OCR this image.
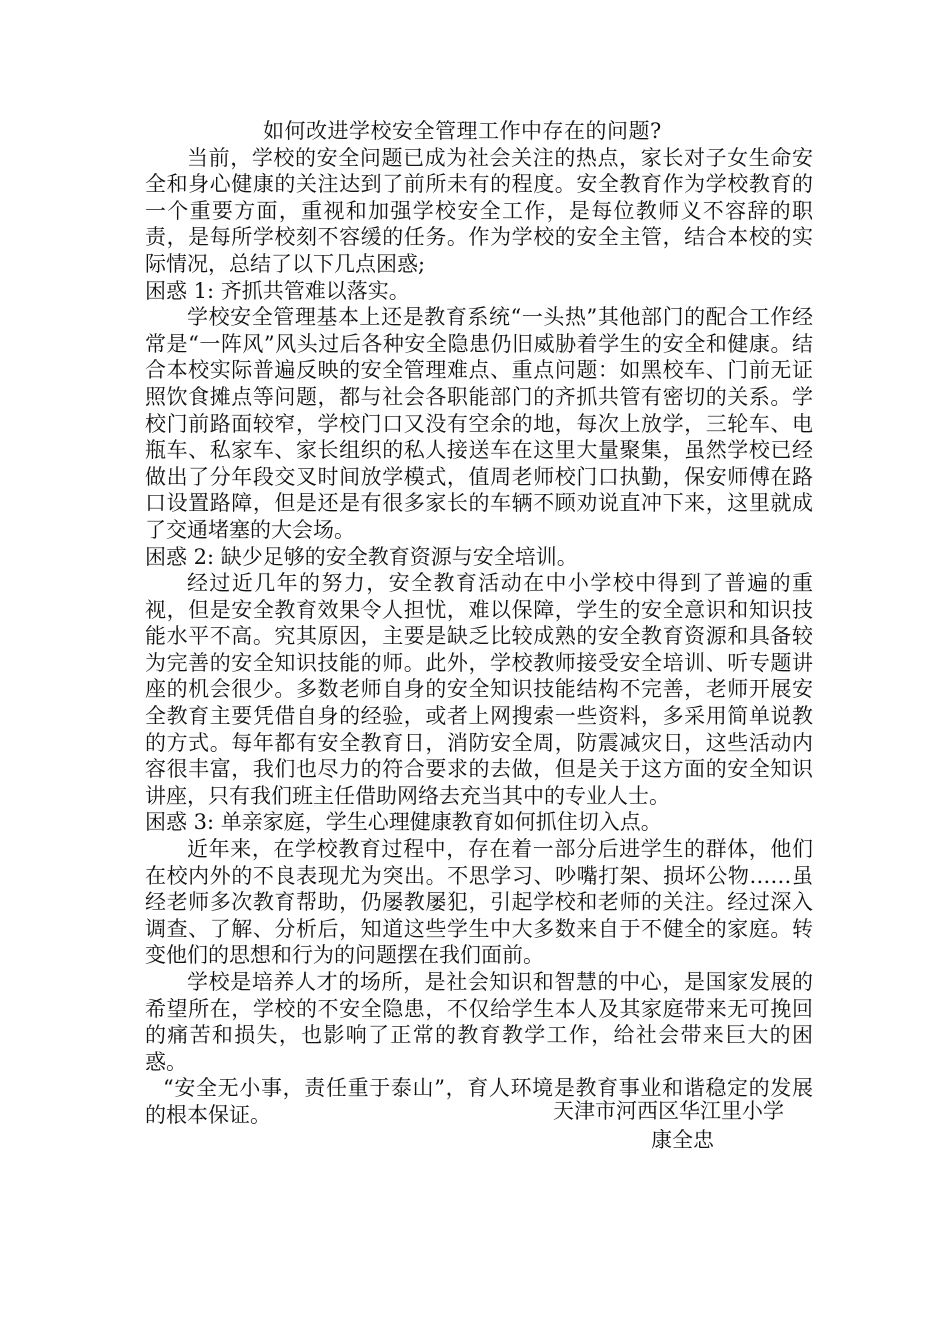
如何改进学校安全管理工作中存在的问题?

当前，学校的安全问题已成为社会关注的热点，家长对子女生命安全和身心健康的关注达到了前所未有的程度。安全教育作为学校教育的一个重要方面，重视和加强学校安全工作，是每位教师义不容辞的职责，是每所学校刻不容缓的任务。作为学校的安全主管，结合本校的实际情况，总结了以下几点困惑;

困惑 1: 齐抓共管难以落实。

学校安全管理基本上还是教育系统“一头热”其他部门的配合工作经常是“一阵风”风头过后各种安全隐患仍旧威胁着学生的安全和健康。结合本校实际普遍反映的安全管理难点、重点问题：如黑校车、门前无证照饮食摊点等问题，都与社会各职能部门的齐抓共管有密切的关系。学校门前路面较窄，学校门口又没有空余的地，每次上放学，三轮车、电瓶车、私家车、家长组织的私人接送车在这里大量聚集，虽然学校已经做出了分年段交叉时间放学模式，值周老师校门口执勤，保安师傅在路口设置路障，但是还是有很多家长的车辆不顾劝说直冲下来，这里就成了交通堵塞的大会场。

困惑 2: 缺少足够的安全教育资源与安全培训。

经过近几年的努力，安全教育活动在中小学校中得到了普遍的重视，但是安全教育效果令人担忧，难以保障，学生的安全意识和知识技能水平不高。究其原因，主要是缺乏比较成熟的安全教育资源和具备较为完善的安全知识技能的师。此外，学校教师接受安全培训、听专题讲座的机会很少。多数老师自身的安全知识技能结构不完善，老师开展安全教育主要凭借自身的经验，或者上网搜索一些资料，多采用简单说教的方式。每年都有安全教育日，消防安全周，防震减灾日，这些活动内容很丰富，我们也尽力的符合要求的去做，但是关于这方面的安全知识讲座，只有我们班主任借助网络去充当其中的专业人士。

困惑 3: 单亲家庭，学生心理健康教育如何抓住切入点。

近年来，在学校教育过程中，存在着一部分后进学生的群体，他们在校内外的不良表现尤为突出。不思学习、吵嘴打架、损坏公物……虽经老师多次教育帮助，仍屡教屡犯，引起学校和老师的关注。经过深入调查、了解、分析后，知道这些学生中大多数来自于不健全的家庭。转变他们的思想和行为的问题摆在我们面前。

学校是培养人才的场所，是社会知识和智慧的中心，是国家发展的希望所在，学校的不安全隐患，不仅给学生本人及其家庭带来无可挽回的痛苦和损失，也影响了正常的教育教学工作，给社会带来巨大的困惑。

“安全无小事，责任重于泰山”，育人环境是教育事业和谐稳定的发展的根本保证。	天津市河西区华江里小学
康全忠
